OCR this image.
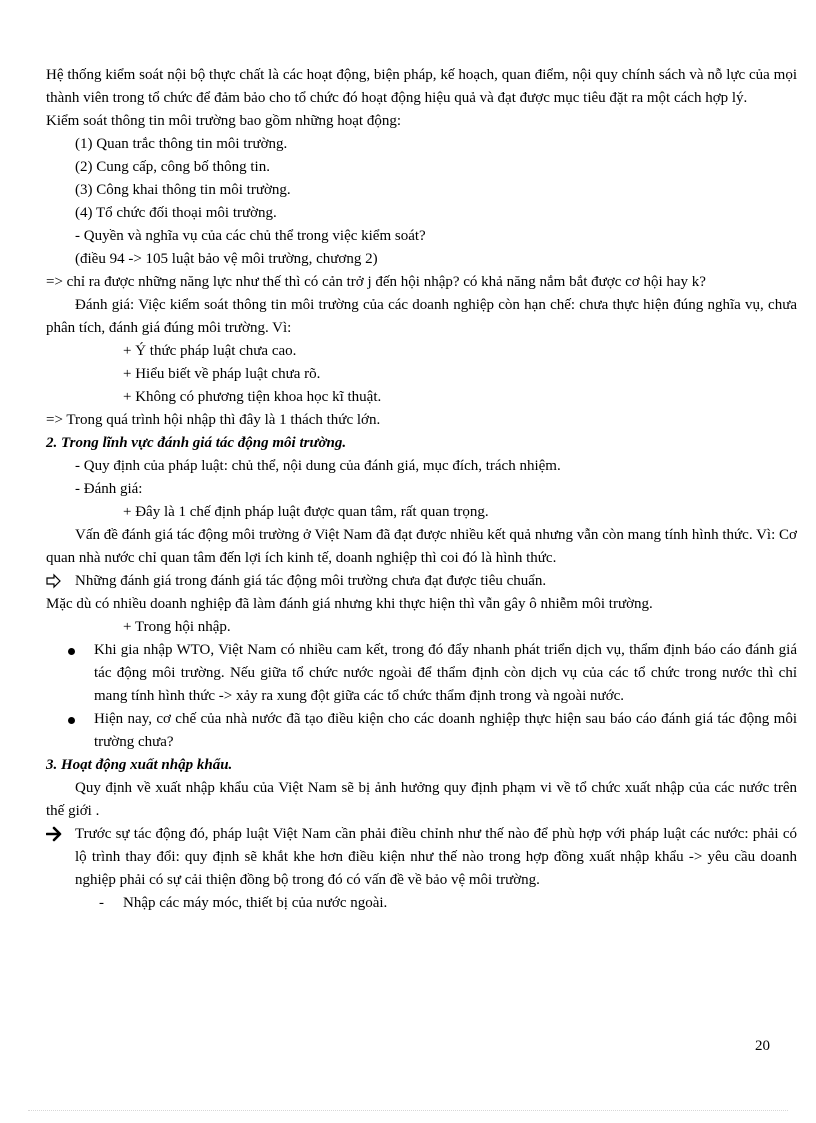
Hệ thống kiểm soát nội bộ thực chất là các hoạt động, biện pháp, kế hoạch, quan điểm, nội quy chính sách và nỗ lực của mọi thành viên trong tổ chức để đảm bảo cho tổ chức đó hoạt động hiệu quả và đạt được mục tiêu đặt ra một cách hợp lý.

Kiểm soát thông tin môi trường bao gồm những hoạt động:

(1) Quan trắc thông tin môi trường.

(2) Cung cấp, công bố thông tin.

(3) Công khai thông tin môi trường.

(4) Tổ chức đối thoại môi trường.

- Quyền và nghĩa vụ của các chủ thể trong việc kiểm soát?

(điều 94 -> 105 luật bảo vệ môi trường, chương 2)

=> chỉ ra được những năng lực như thế thì có cản trở j đến hội nhập? có khả năng nắm bắt được cơ hội hay k?

Đánh giá: Việc kiểm soát thông tin môi trường của các doanh nghiệp còn hạn chế: chưa thực hiện đúng nghĩa vụ, chưa phân tích, đánh giá đúng môi trường. Vì:

+ Ý thức pháp luật chưa cao.

+ Hiểu biết về pháp luật chưa rõ.

+ Không có phương tiện khoa học kĩ thuật.

=> Trong quá trình hội nhập thì đây là 1 thách thức lớn.

2. Trong lĩnh vực đánh giá tác động môi trường.

- Quy định của pháp luật: chủ thể, nội dung của đánh giá, mục đích, trách nhiệm.

- Đánh giá:

+ Đây là 1 chế định pháp luật được quan tâm, rất quan trọng.

Vấn đề đánh giá tác động môi trường ở Việt Nam đã đạt được nhiều kết quả nhưng vẫn còn mang tính hình thức. Vì: Cơ quan nhà nước chỉ quan tâm đến lợi ích kinh tế, doanh nghiệp thì coi đó là hình thức.

Những đánh giá trong đánh giá tác động môi trường chưa đạt được tiêu chuẩn.

Mặc dù có nhiều doanh nghiệp đã làm đánh giá nhưng khi thực hiện thì vẫn gây ô nhiễm môi trường.

+ Trong hội nhập.

Khi gia nhập WTO, Việt Nam có nhiều cam kết, trong đó đẩy nhanh phát triển dịch vụ, thẩm định báo cáo đánh giá tác động môi trường. Nếu giữa tổ chức nước ngoài để thẩm định còn dịch vụ của các tổ chức trong nước thì chỉ mang tính hình thức -> xảy ra xung đột giữa các tổ chức thẩm định trong và ngoài nước.
Hiện nay, cơ chế của nhà nước đã tạo điều kiện cho các doanh nghiệp thực hiện sau báo cáo đánh giá tác động môi trường chưa?

3. Hoạt động xuất nhập khẩu.

Quy định về xuất nhập khẩu của Việt Nam sẽ bị ảnh hưởng quy định phạm vi về tổ chức xuất nhập của các nước trên thế giới .

Trước sự tác động đó, pháp luật Việt Nam cần phải điều chỉnh như thế nào để phù hợp với pháp luật các nước: phải có lộ trình thay đổi: quy định sẽ khắt khe hơn điều kiện như thế nào trong hợp đồng xuất nhập khẩu -> yêu cầu doanh nghiệp phải có sự cải thiện đồng bộ trong đó có vấn đề về bảo vệ môi trường.
- Nhập các máy móc, thiết bị của nước ngoài.
20
